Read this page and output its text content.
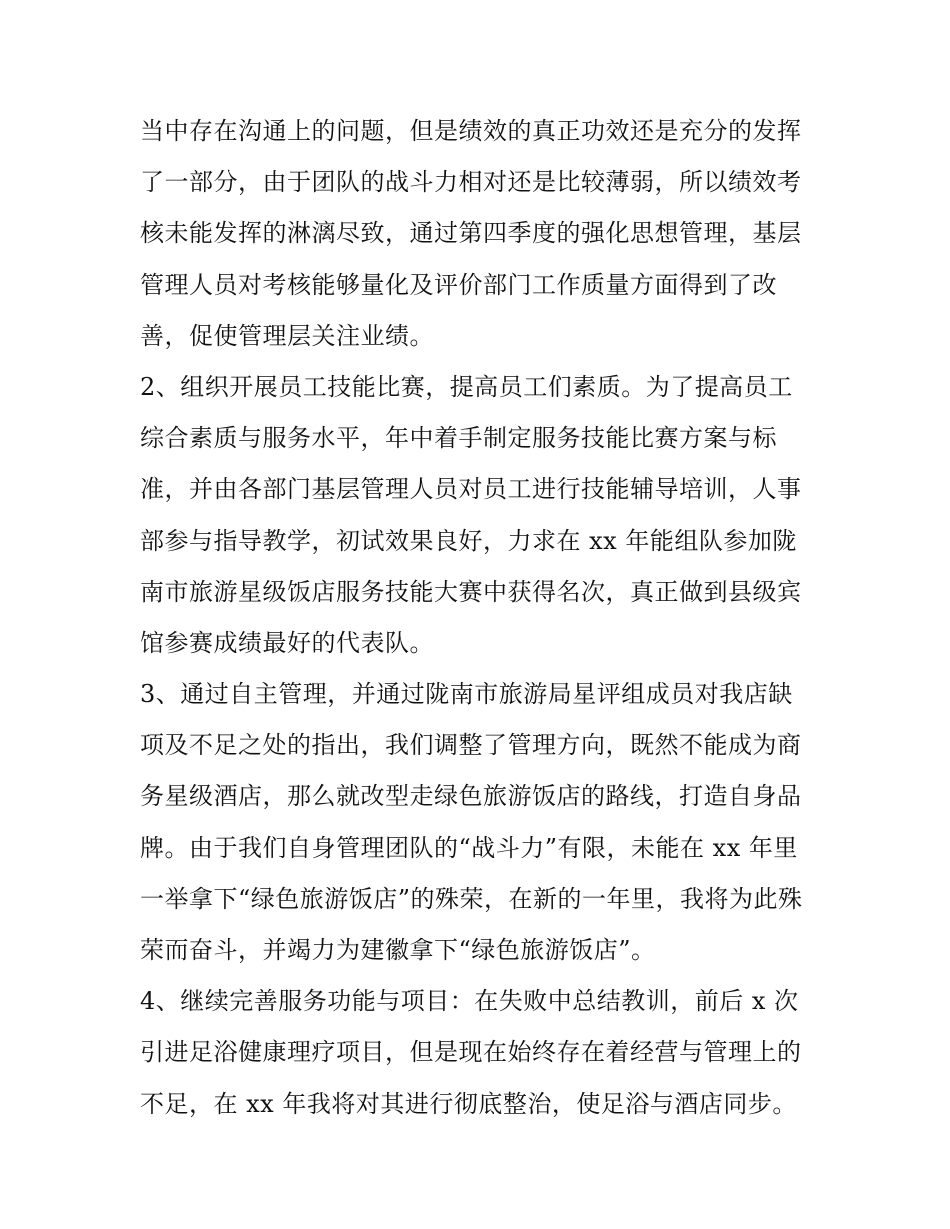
当中存在沟通上的问题，但是绩效的真正功效还是充分的发挥
了一部分，由于团队的战斗力相对还是比较薄弱，所以绩效考
核未能发挥的淋漓尽致，通过第四季度的强化思想管理，基层
管理人员对考核能够量化及评价部门工作质量方面得到了改
善，促使管理层关注业绩。
2、组织开展员工技能比赛，提高员工们素质。为了提高员工
综合素质与服务水平，年中着手制定服务技能比赛方案与标
准，并由各部门基层管理人员对员工进行技能辅导培训，人事
部参与指导教学，初试效果良好，力求在 xx 年能组队参加陇
南市旅游星级饭店服务技能大赛中获得名次，真正做到县级宾
馆参赛成绩最好的代表队。
3、通过自主管理，并通过陇南市旅游局星评组成员对我店缺
项及不足之处的指出，我们调整了管理方向，既然不能成为商
务星级酒店，那么就改型走绿色旅游饭店的路线，打造自身品
牌。由于我们自身管理团队的“战斗力”有限，未能在 xx 年里
一举拿下“绿色旅游饭店”的殊荣，在新的一年里，我将为此殊
荣而奋斗，并竭力为建徽拿下“绿色旅游饭店”。
4、继续完善服务功能与项目：在失败中总结教训，前后 x 次
引进足浴健康理疗项目，但是现在始终存在着经营与管理上的
不足，在 xx 年我将对其进行彻底整治，使足浴与酒店同步。
